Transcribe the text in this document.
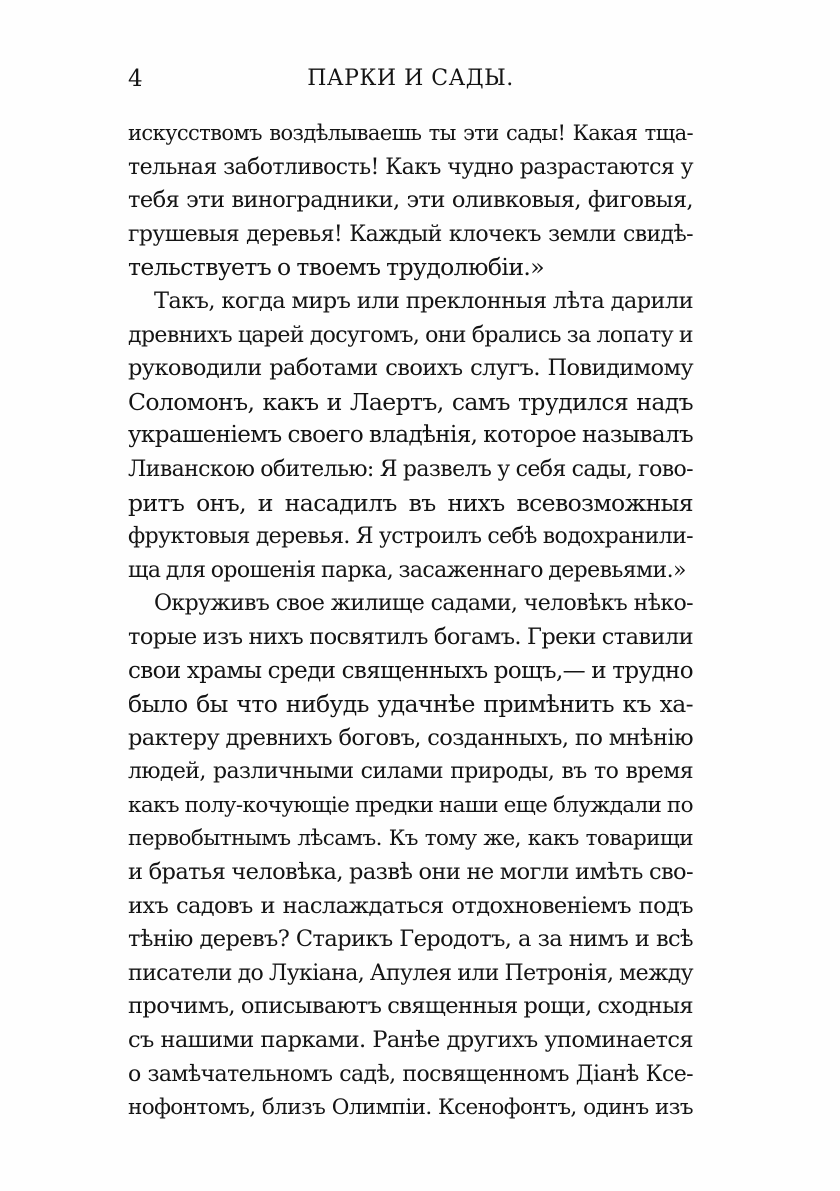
4	ПАРКИ И САДЫ.
искусствомъ воздѣлываешь ты эти сады! Какая тща-
тельная заботливость! Какъ чудно разрастаются у
тебя эти виноградники, эти оливковыя, фиговыя,
грушевыя деревья! Каждый клочекъ земли свидѣ-
тельствуетъ о твоемъ трудолюбіи.»
Такъ, когда миръ или преклонныя лѣта дарили
древнихъ царей досугомъ, они брались за лопату и
руководили работами своихъ слугъ. Повидимому
Соломонъ, какъ и Лаертъ, самъ трудился надъ
украшеніемъ своего владѣнія, которое называлъ
Ливанскою обителью: Я развелъ у себя сады, гово-
ритъ онъ, и насадилъ въ нихъ всевозможныя
фруктовыя деревья. Я устроилъ себѣ водохранили-
ща для орошенія парка, засаженнаго деревьями.»
Окруживъ свое жилище садами, человѣкъ нѣко-
торые изъ нихъ посвятилъ богамъ. Греки ставили
свои храмы среди священныхъ рощъ,— и трудно
было бы что нибудь удачнѣе примѣнить къ ха-
рактеру древнихъ боговъ, созданныхъ, по мнѣнію
людей, различными силами природы, въ то время
какъ полу-кочующіе предки наши еще блуждали по
первобытнымъ лѣсамъ. Къ тому же, какъ товарищи
и братья человѣка, развѣ они не могли имѣть сво-
ихъ садовъ и наслаждаться отдохновеніемъ подъ
тѣнію деревъ? Старикъ Геродотъ, а за нимъ и всѣ
писатели до Лукіана, Апулея или Петронія, между
прочимъ, описываютъ священныя рощи, сходныя
съ нашими парками. Ранѣе другихъ упоминается
о замѣчательномъ садѣ, посвященномъ Діанѣ Ксе-
нофонтомъ, близъ Олимпіи. Ксенофонтъ, одинъ изъ
